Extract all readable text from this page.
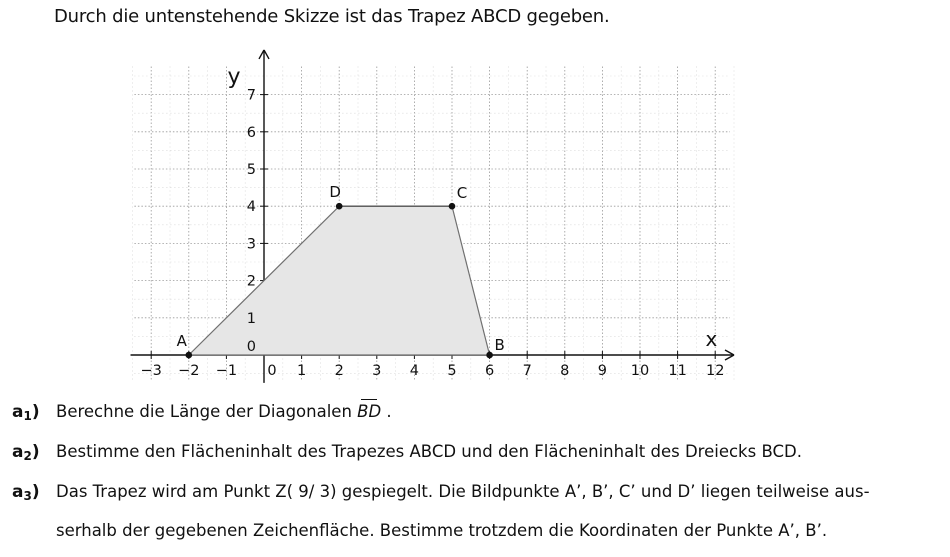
Durch die untenstehende Skizze ist das Trapez ABCD gegeben.
−3 −2 −1 0 1 2 3 4 5 6 7 8 9 10 11 12
1
2
3
4
5
6
7
0	x
y
A	B
C
D
$a_1$) Berechne die Länge der Diagonalen BD .
$a_2$) Bestimme den Flächeninhalt des Trapezes ABCD und den Flächeninhalt des Dreiecks BCD.
$a_3$) Das Trapez wird am Punkt Z( 9/ 3) gespiegelt. Die Bildpunkte A’, B’, C’ und D’ liegen teilweise aus-
serhalb der gegebenen Zeichenfläche. Bestimme trotzdem die Koordinaten der Punkte A’, B’.
